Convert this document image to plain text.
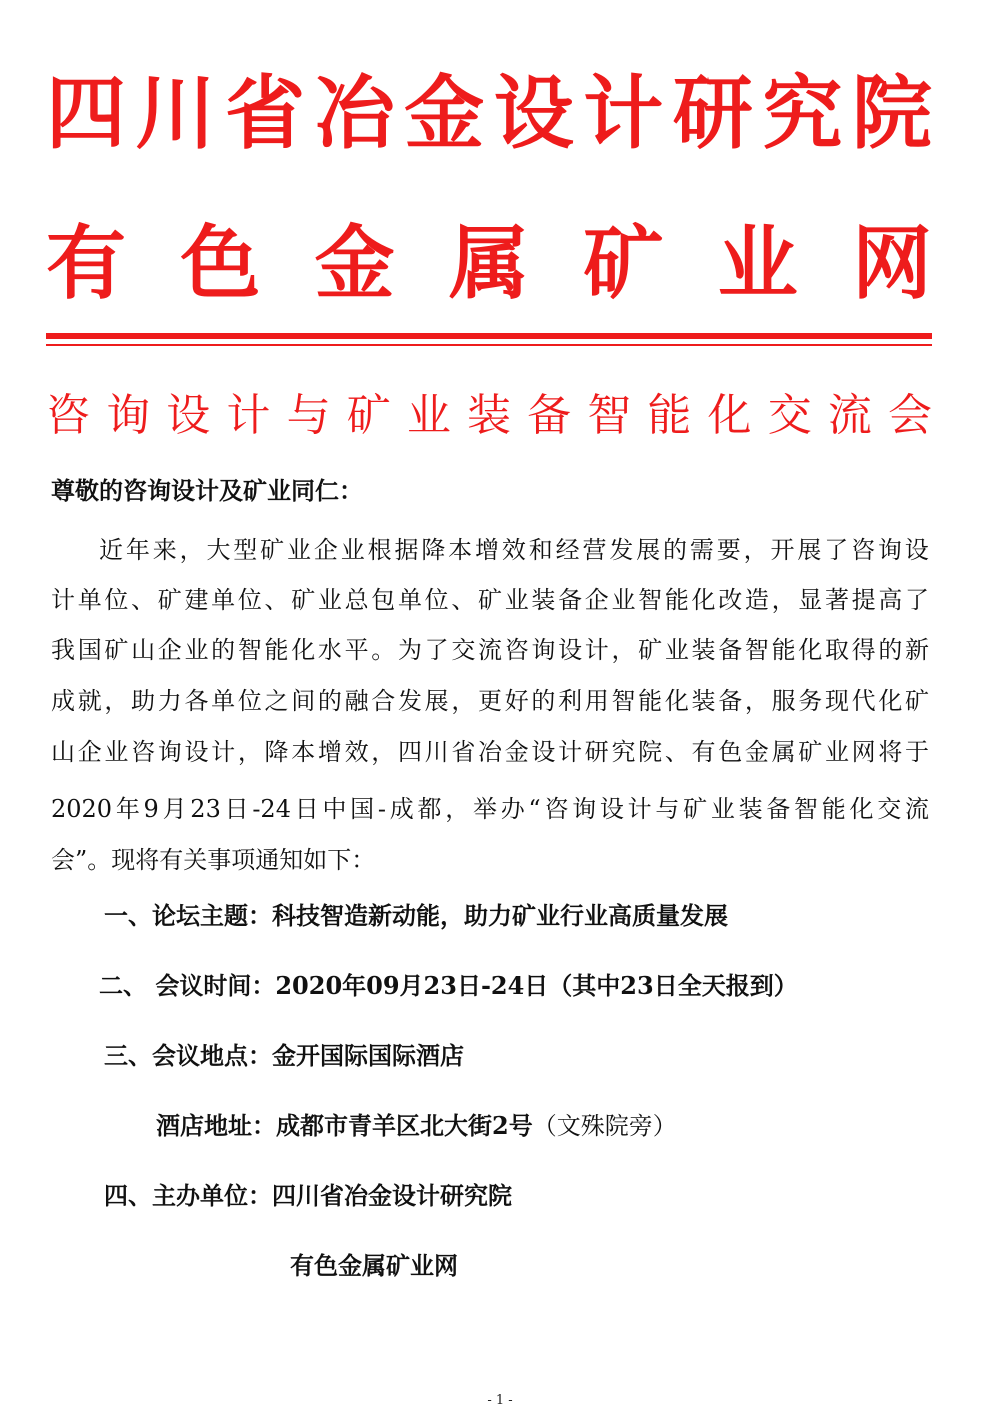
四 川 省 冶 金 设 计 研 究 院
有 色 金 属 矿 业 网
咨 询 设 计 与 矿 业 装 备 智 能 化 交 流 会
尊敬的咨询设计及矿业同仁：
近 年 来 ， 大 型 矿 业 企 业 根 据 降 本 增 效 和 经 营 发 展 的 需 要 ， 开 展 了 咨 询 设
计 单 位 、 矿 建 单 位 、 矿 业 总 包 单 位 、 矿 业 装 备 企 业 智 能 化 改 造 ， 显 著 提 高 了
我 国 矿 山 企 业 的 智 能 化 水 平 。 为 了 交 流 咨 询 设 计 ， 矿 业 装 备 智 能 化 取 得 的 新
成 就 ， 助 力 各 单 位 之 间 的 融 合 发 展 ， 更 好 的 利 用 智 能 化 装 备 ， 服 务 现 代 化 矿
山 企 业 咨 询 设 计 ， 降 本 增 效 ， 四 川 省 冶 金 设 计 研 究 院 、 有 色 金 属 矿 业 网 将 于
2020 年 9 月 23 日 -24 日 中 国 - 成 都 ， 举 办 “ 咨 询 设 计 与 矿 业 装 备 智 能 化 交 流
会”。现将有关事项通知如下：
一、论坛主题：科技智造新动能，助力矿业行业高质量发展
二、 会议时间：2020年09月23日-24日（其中23日全天报到）
三、会议地点：金开国际国际酒店
酒店地址：成都市青羊区北大街2号（文殊院旁）
四、主办单位：四川省冶金设计研究院
有色金属矿业网
- 1 -
